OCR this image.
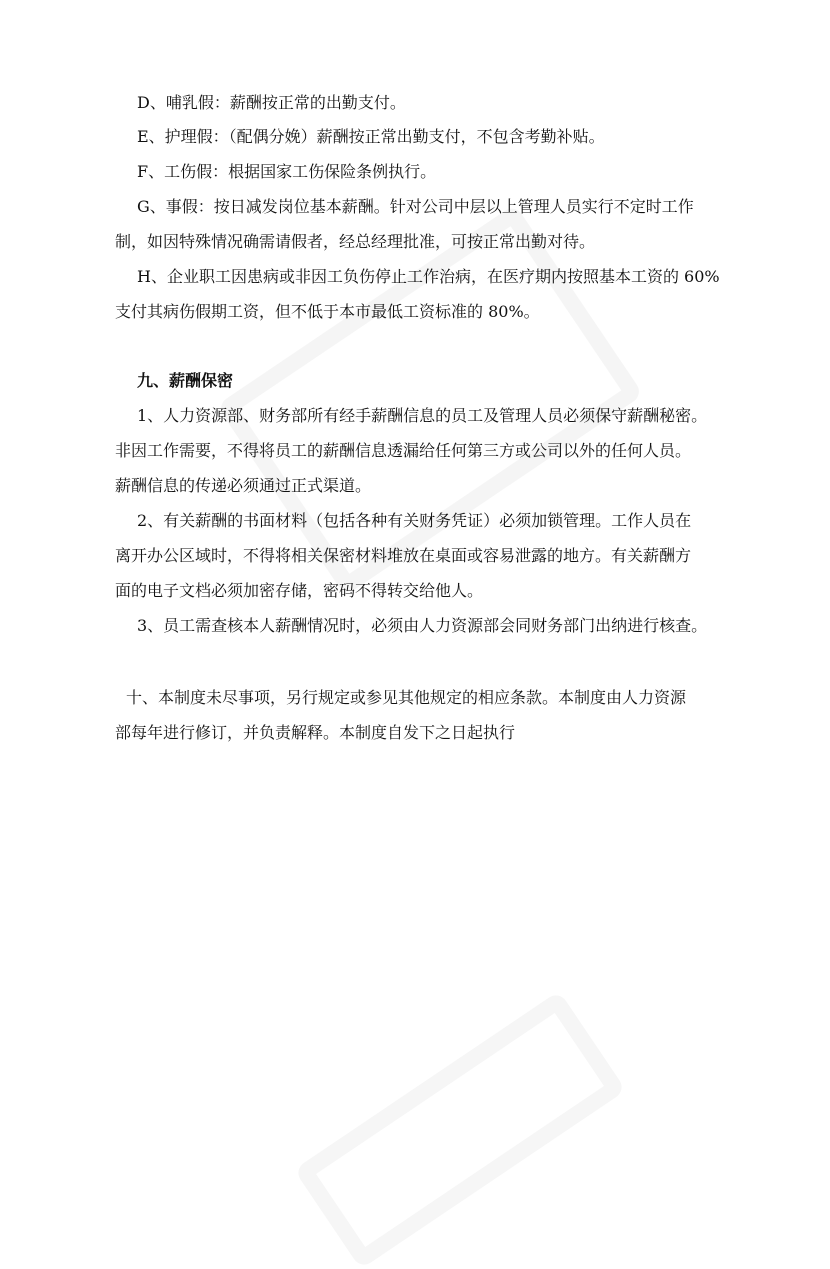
D、哺乳假：薪酬按正常的出勤支付。
E、护理假：（配偶分娩）薪酬按正常出勤支付，不包含考勤补贴。
F、工伤假：根据国家工伤保险条例执行。
G、事假：按日减发岗位基本薪酬。针对公司中层以上管理人员实行不定时工作
制，如因特殊情况确需请假者，经总经理批准，可按正常出勤对待。
H、企业职工因患病或非因工负伤停止工作治病，在医疗期内按照基本工资的 60%
支付其病伤假期工资，但不低于本市最低工资标准的 80%。
九、薪酬保密
1、人力资源部、财务部所有经手薪酬信息的员工及管理人员必须保守薪酬秘密。
非因工作需要，不得将员工的薪酬信息透漏给任何第三方或公司以外的任何人员。
薪酬信息的传递必须通过正式渠道。
2、有关薪酬的书面材料（包括各种有关财务凭证）必须加锁管理。工作人员在
离开办公区域时，不得将相关保密材料堆放在桌面或容易泄露的地方。有关薪酬方
面的电子文档必须加密存储，密码不得转交给他人。
3、员工需查核本人薪酬情况时，必须由人力资源部会同财务部门出纳进行核查。
十、本制度未尽事项，另行规定或参见其他规定的相应条款。本制度由人力资源
部每年进行修订，并负责解释。本制度自发下之日起执行
